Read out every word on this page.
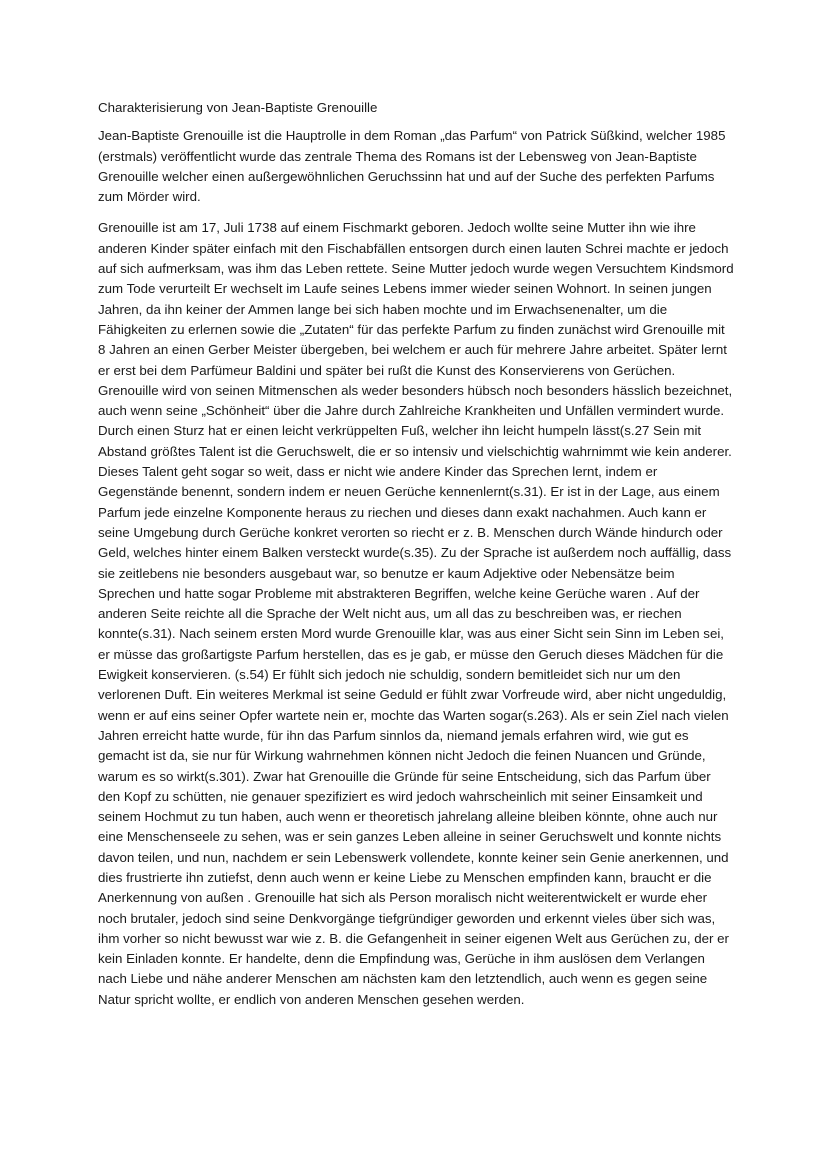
Charakterisierung von Jean-Baptiste Grenouille

Jean-Baptiste Grenouille ist die Hauptrolle in dem Roman „das Parfum“ von Patrick Süßkind, welcher 1985 (erstmals) veröffentlicht wurde das zentrale Thema des Romans ist der Lebensweg von Jean-Baptiste Grenouille welcher einen außergewöhnlichen Geruchssinn hat und auf der Suche des perfekten Parfums zum Mörder wird.

Grenouille ist am 17, Juli 1738 auf einem Fischmarkt geboren. Jedoch wollte seine Mutter ihn wie ihre anderen Kinder später einfach mit den Fischabfällen entsorgen durch einen lauten Schrei machte er jedoch auf sich aufmerksam, was ihm das Leben rettete. Seine Mutter jedoch wurde wegen Versuchtem Kindsmord zum Tode verurteilt Er wechselt im Laufe seines Lebens immer wieder seinen Wohnort. In seinen jungen Jahren, da ihn keiner der Ammen lange bei sich haben mochte und im Erwachsenenalter, um die Fähigkeiten zu erlernen sowie die „Zutaten“ für das perfekte Parfum zu finden zunächst wird Grenouille mit 8 Jahren an einen Gerber Meister übergeben, bei welchem er auch für mehrere Jahre arbeitet. Später lernt er erst bei dem Parfümeur Baldini und später bei rußt die Kunst des Konservierens von Gerüchen. Grenouille wird von seinen Mitmenschen als weder besonders hübsch noch besonders hässlich bezeichnet, auch wenn seine „Schönheit“ über die Jahre durch Zahlreiche Krankheiten und Unfällen vermindert wurde. Durch einen Sturz hat er einen leicht verkrüppelten Fuß, welcher ihn leicht humpeln lässt(s.27 Sein mit Abstand größtes Talent ist die Geruchswelt, die er so intensiv und vielschichtig wahrnimmt wie kein anderer. Dieses Talent geht sogar so weit, dass er nicht wie andere Kinder das Sprechen lernt, indem er Gegenstände benennt, sondern indem er neuen Gerüche kennenlernt(s.31). Er ist in der Lage, aus einem Parfum jede einzelne Komponente heraus zu riechen und dieses dann exakt nachahmen. Auch kann er seine Umgebung durch Gerüche konkret verorten so riecht er z. B. Menschen durch Wände hindurch oder Geld, welches hinter einem Balken versteckt wurde(s.35). Zu der Sprache ist außerdem noch auffällig, dass sie zeitlebens nie besonders ausgebaut war, so benutze er kaum Adjektive oder Nebensätze beim Sprechen und hatte sogar Probleme mit abstrakteren Begriffen, welche keine Gerüche waren . Auf der anderen Seite reichte all die Sprache der Welt nicht aus, um all das zu beschreiben was, er riechen konnte(s.31). Nach seinem ersten Mord wurde Grenouille klar, was aus einer Sicht sein Sinn im Leben sei, er müsse das großartigste Parfum herstellen, das es je gab, er müsse den Geruch dieses Mädchen für die Ewigkeit konservieren. (s.54) Er fühlt sich jedoch nie schuldig, sondern bemitleidet sich nur um den verlorenen Duft. Ein weiteres Merkmal ist seine Geduld er fühlt zwar Vorfreude wird, aber nicht ungeduldig, wenn er auf eins seiner Opfer wartete nein er, mochte das Warten sogar(s.263). Als er sein Ziel nach vielen Jahren erreicht hatte wurde, für ihn das Parfum sinnlos da, niemand jemals erfahren wird, wie gut es gemacht ist da, sie nur für Wirkung wahrnehmen können nicht Jedoch die feinen Nuancen und Gründe, warum es so wirkt(s.301). Zwar hat Grenouille die Gründe für seine Entscheidung, sich das Parfum über den Kopf zu schütten, nie genauer spezifiziert es wird jedoch wahrscheinlich mit seiner Einsamkeit und seinem Hochmut zu tun haben, auch wenn er theoretisch jahrelang alleine bleiben könnte, ohne auch nur eine Menschenseele zu sehen, was er sein ganzes Leben alleine in seiner Geruchswelt und konnte nichts davon teilen, und nun, nachdem er sein Lebenswerk vollendete, konnte keiner sein Genie anerkennen, und dies frustrierte ihn zutiefst, denn auch wenn er keine Liebe zu Menschen empfinden kann, braucht er die Anerkennung von außen . Grenouille hat sich als Person moralisch nicht weiterentwickelt er wurde eher noch brutaler, jedoch sind seine Denkvorgänge tiefgründiger geworden und erkennt vieles über sich was, ihm vorher so nicht bewusst war wie z. B. die Gefangenheit in seiner eigenen Welt aus Gerüchen zu, der er kein Einladen konnte. Er handelte, denn die Empfindung was, Gerüche in ihm auslösen dem Verlangen nach Liebe und nähe anderer Menschen am nächsten kam den letztendlich, auch wenn es gegen seine Natur spricht wollte, er endlich von anderen Menschen gesehen werden.
